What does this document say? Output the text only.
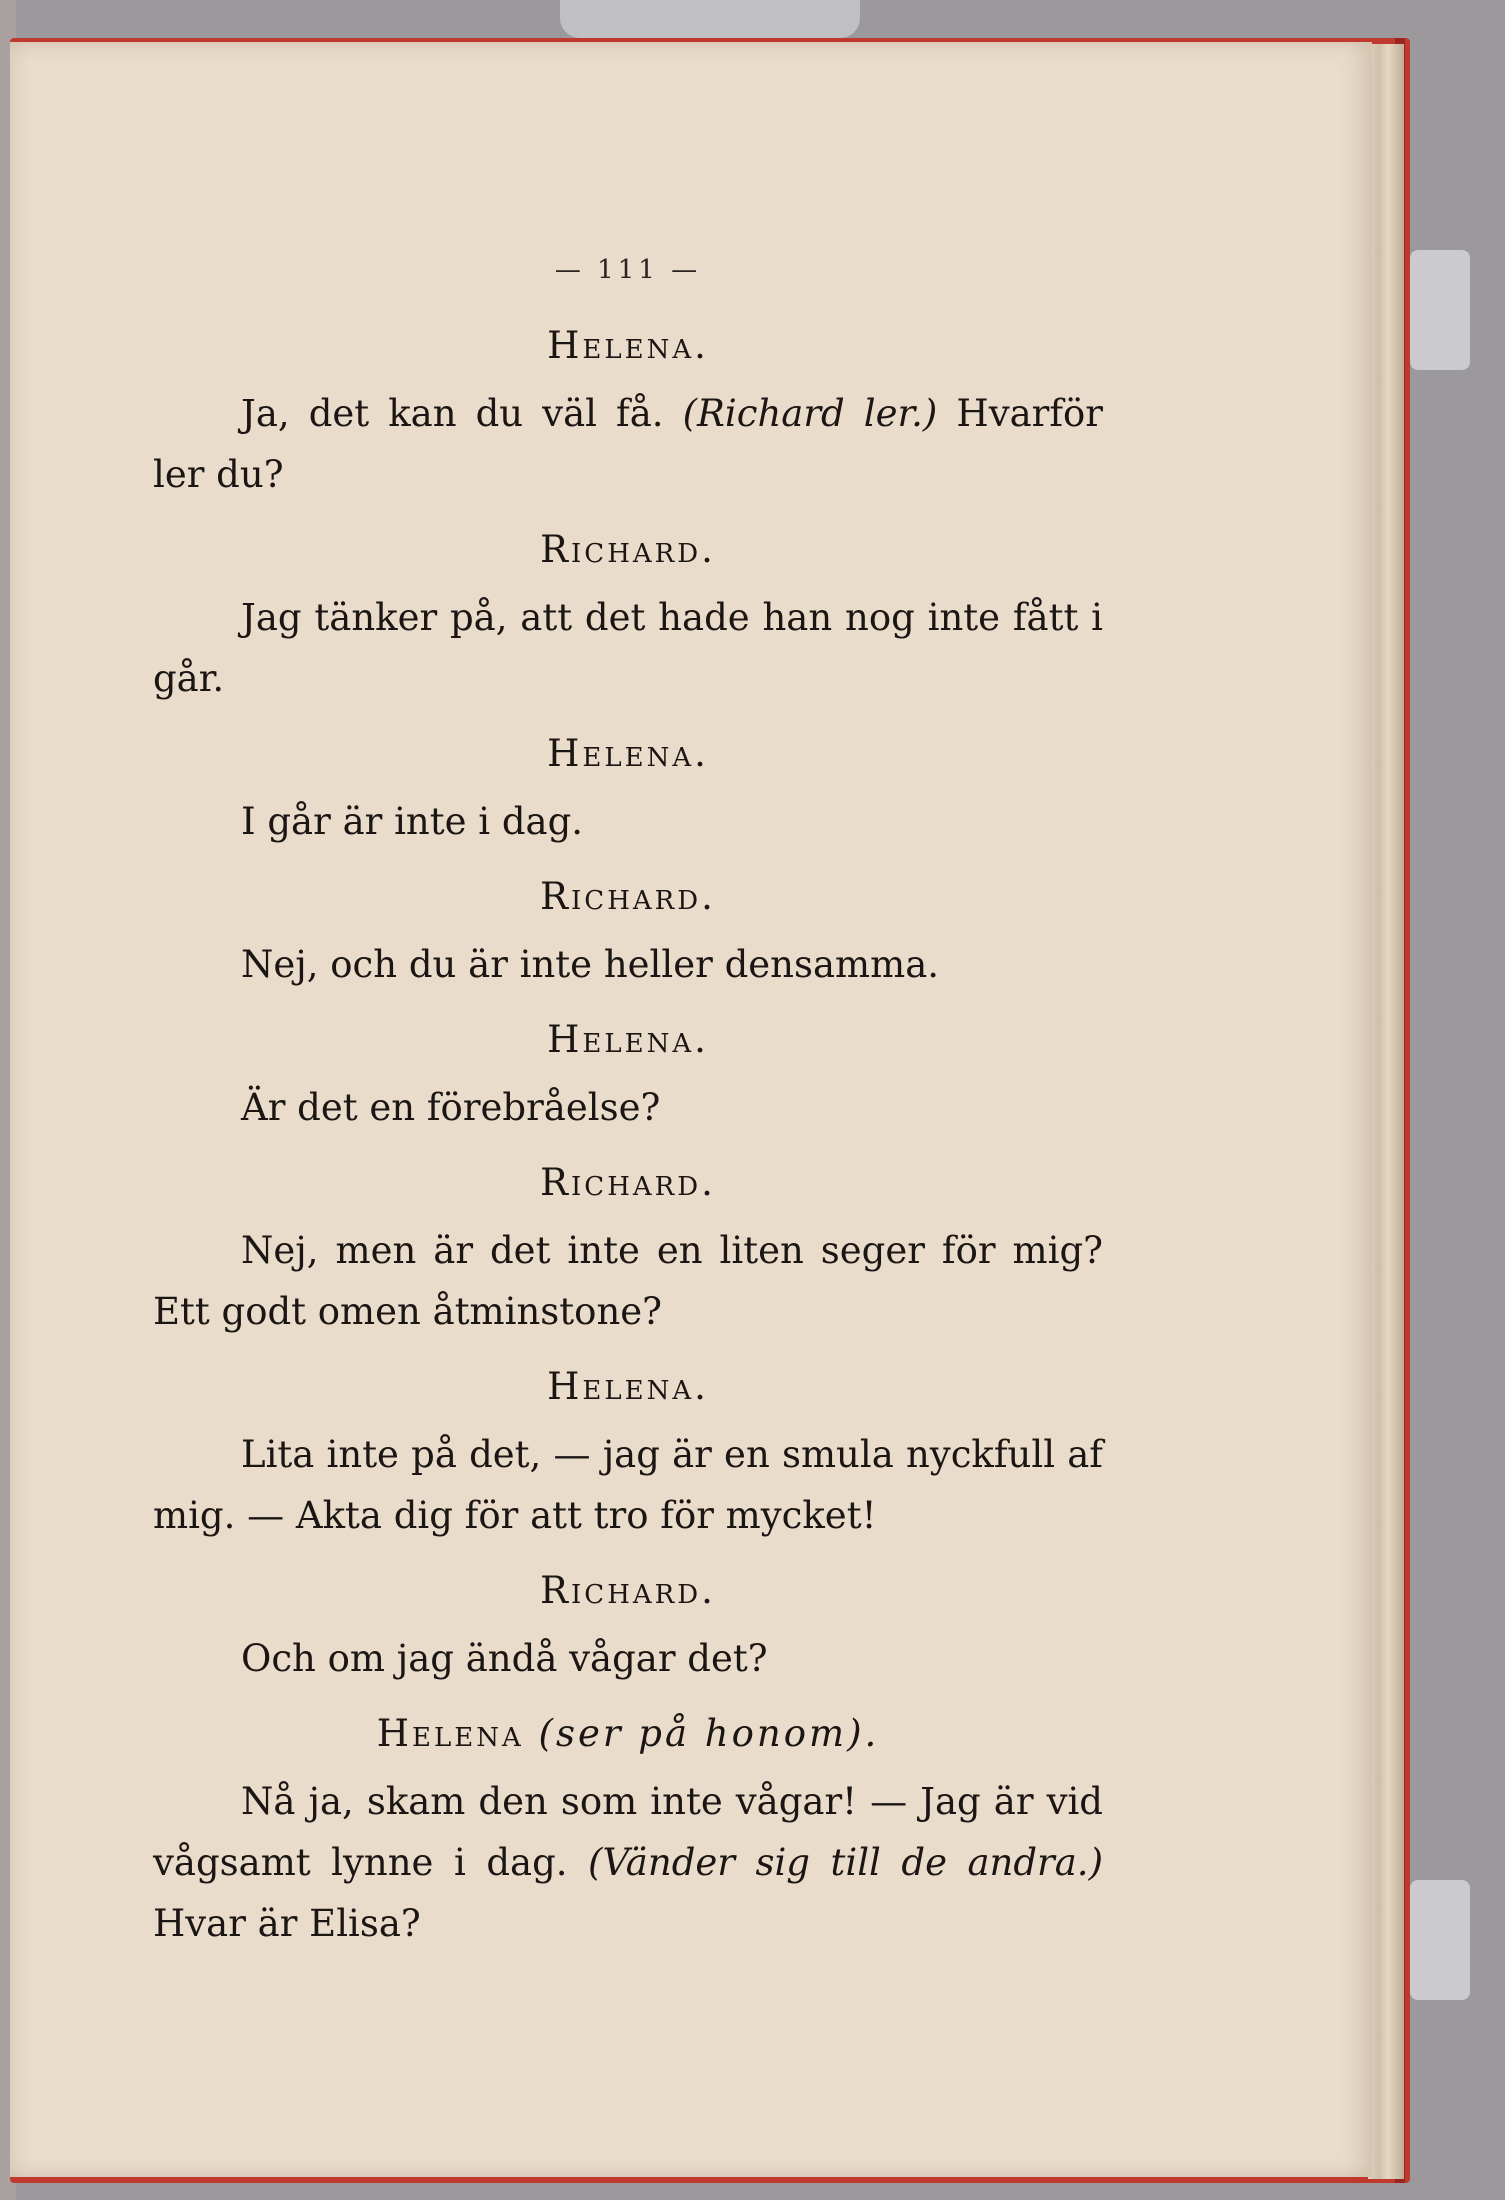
— 111 —
Helena.
Ja, det kan du väl få. (Richard ler.) Hvarför ler du?
Richard.
Jag tänker på, att det hade han nog inte fått i går.
Helena.
I går är inte i dag.
Richard.
Nej, och du är inte heller densamma.
Helena.
Är det en förebråelse?
Richard.
Nej, men är det inte en liten seger för mig? Ett godt omen åtminstone?
Helena.
Lita inte på det, — jag är en smula nyckfull af mig. — Akta dig för att tro för mycket!
Richard.
Och om jag ändå vågar det?
Helena (ser på honom).
Nå ja, skam den som inte vågar! — Jag är vid vågsamt lynne i dag. (Vänder sig till de andra.) Hvar är Elisa?
